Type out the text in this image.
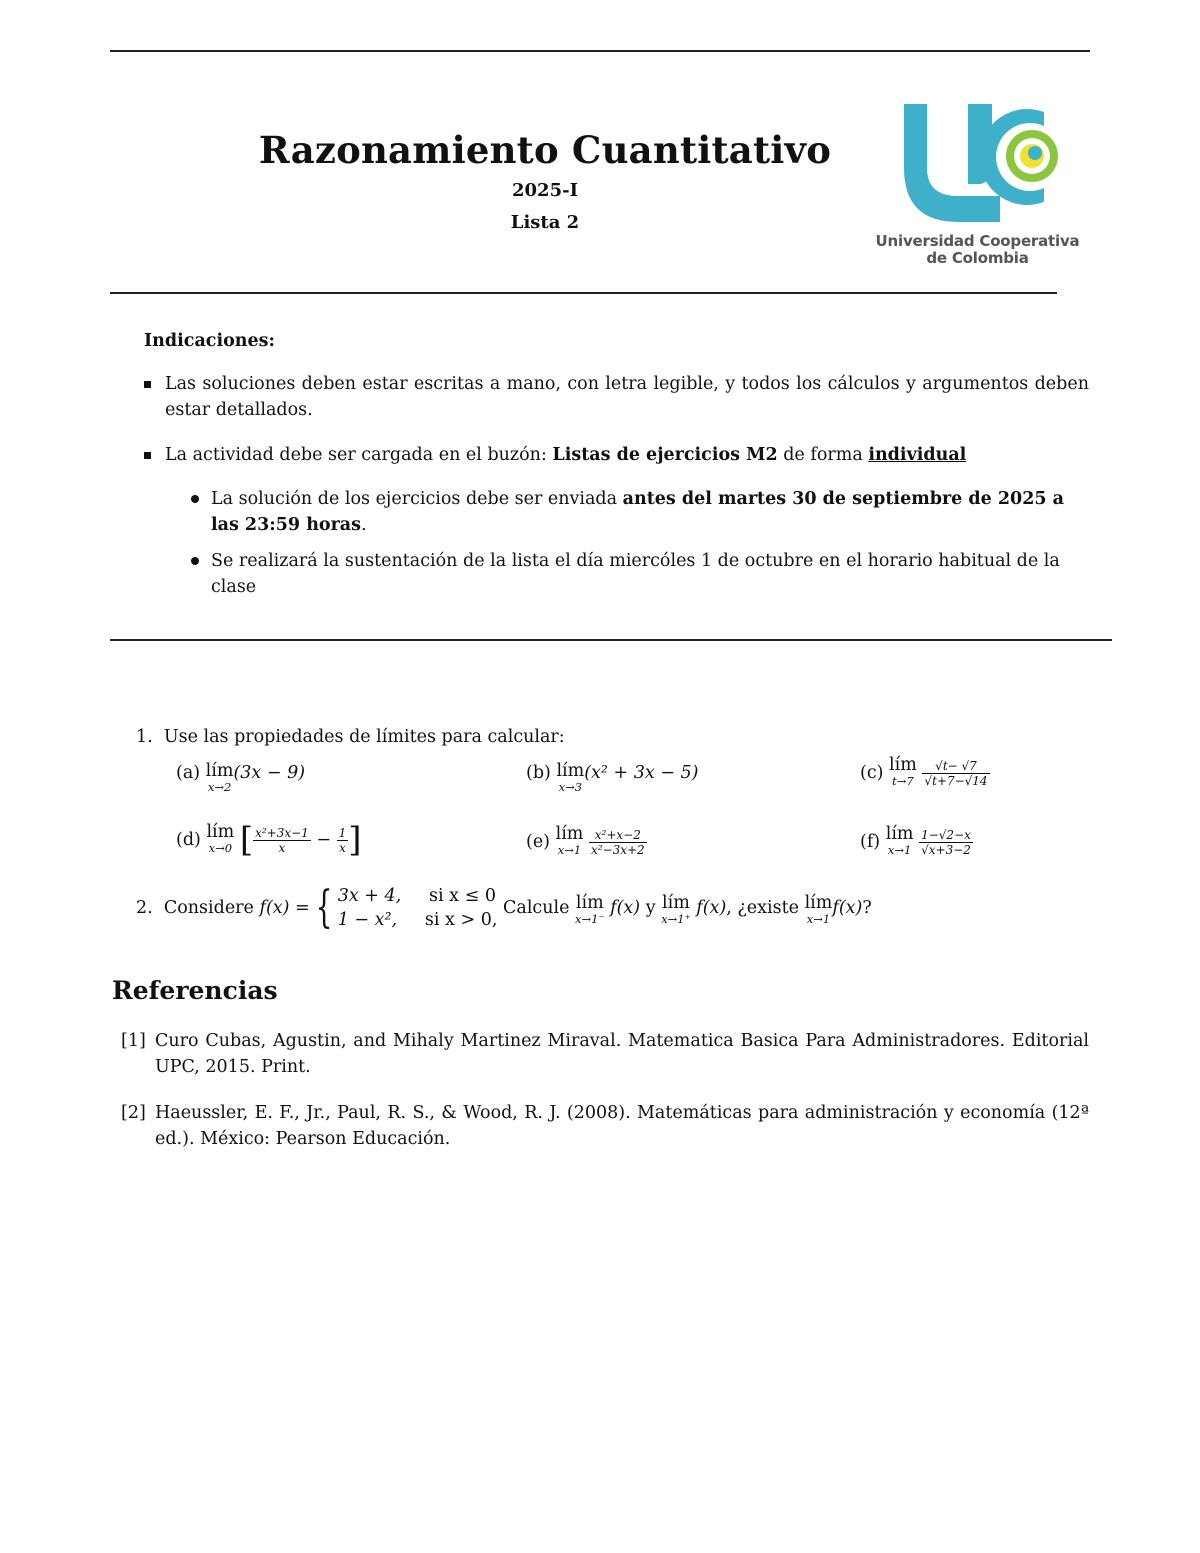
Razonamiento Cuantitativo
2025-I
Lista 2
Universidad Cooperativa
de Colombia
Indicaciones:
Las soluciones deben estar escritas a mano, con letra legible, y todos los cálculos y argumentos deben estar detallados.
La actividad debe ser cargada en el buzón: Listas de ejercicios M2 de forma individual
La solución de los ejercicios debe ser enviada antes del martes 30 de septiembre de 2025 a las 23:59 horas.
Se realizará la sustentación de la lista el día miercóles 1 de octubre en el horario habitual de la clase
1. Use las propiedades de límites para calcular:
(a) lím
x→2
(3x − 9)	(b) lím
x→3
(x² + 3x − 5)	(c) lím
t→7
$\frac{√t- √7}{√t+7-√14}$
(d) lím
x→0 [ $\frac{\text{x²+3x−1}}{x} - \frac{1}{x}$ ]	(e) lím
x→1
$\frac{\text{x²+x−2}}{\text{x²−3x+2}}$	(f) lím
x→1
$\frac{1-√2-x}{√x+3-2}$
2. Considere f(x) = { 3x + 4, si x ≤ 0
1 − x², si x > 0, Calcule lím
x→1⁻
f(x) y lím
x→1⁺
f(x), ¿existe lím
x→1
f(x)?
Referencias
[1] Curo Cubas, Agustin, and Mihaly Martinez Miraval. Matematica Basica Para Administradores. Editorial UPC, 2015. Print.
[2] Haeussler, E. F., Jr., Paul, R. S., & Wood, R. J. (2008). Matemáticas para administración y economía (12ª ed.). México: Pearson Educación.
